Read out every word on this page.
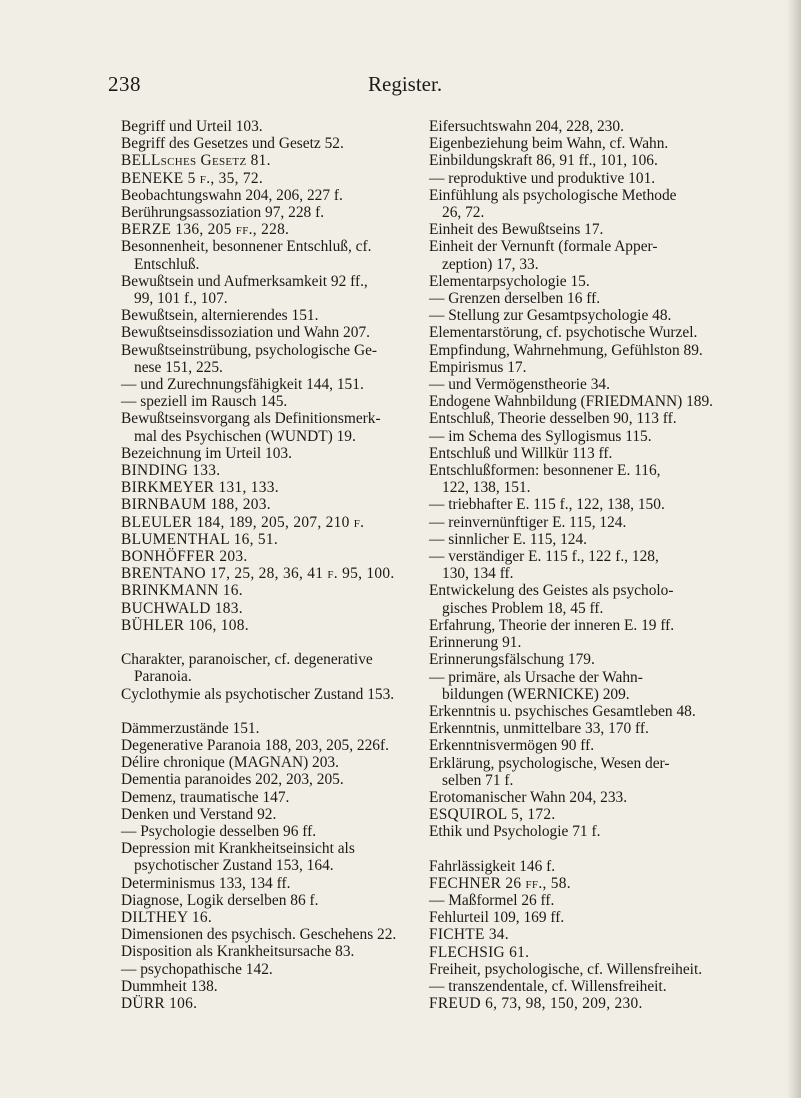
238	Register.
Begriff und Urteil 103.
Begriff des Gesetzes und Gesetz 52.
BELLsches Gesetz 81.
BENEKE 5 f., 35, 72.
Beobachtungswahn 204, 206, 227 f.
Berührungsassoziation 97, 228 f.
BERZE 136, 205 ff., 228.
Besonnenheit, besonnener Entschluß, cf.
Entschluß.
Bewußtsein und Aufmerksamkeit 92 ff.,
99, 101 f., 107.
Bewußtsein, alternierendes 151.
Bewußtseinsdissoziation und Wahn 207.
Bewußtseinstrübung, psychologische Ge-
nese 151, 225.
— und Zurechnungsfähigkeit 144, 151.
— speziell im Rausch 145.
Bewußtseinsvorgang als Definitionsmerk-
mal des Psychischen (WUNDT) 19.
Bezeichnung im Urteil 103.
BINDING 133.
BIRKMEYER 131, 133.
BIRNBAUM 188, 203.
BLEULER 184, 189, 205, 207, 210 f.
BLUMENTHAL 16, 51.
BONHÖFFER 203.
BRENTANO 17, 25, 28, 36, 41 f. 95, 100.
BRINKMANN 16.
BUCHWALD 183.
BÜHLER 106, 108.
Charakter, paranoischer, cf. degenerative
Paranoia.
Cyclothymie als psychotischer Zustand 153.
Dämmerzustände 151.
Degenerative Paranoia 188, 203, 205, 226f.
Délire chronique (MAGNAN) 203.
Dementia paranoides 202, 203, 205.
Demenz, traumatische 147.
Denken und Verstand 92.
— Psychologie desselben 96 ff.
Depression mit Krankheitseinsicht als
psychotischer Zustand 153, 164.
Determinismus 133, 134 ff.
Diagnose, Logik derselben 86 f.
DILTHEY 16.
Dimensionen des psychisch. Geschehens 22.
Disposition als Krankheitsursache 83.
— psychopathische 142.
Dummheit 138.
DÜRR 106.
Eifersuchtswahn 204, 228, 230.
Eigenbeziehung beim Wahn, cf. Wahn.
Einbildungskraft 86, 91 ff., 101, 106.
— reproduktive und produktive 101.
Einfühlung als psychologische Methode
26, 72.
Einheit des Bewußtseins 17.
Einheit der Vernunft (formale Apper-
zeption) 17, 33.
Elementarpsychologie 15.
— Grenzen derselben 16 ff.
— Stellung zur Gesamtpsychologie 48.
Elementarstörung, cf. psychotische Wurzel.
Empfindung, Wahrnehmung, Gefühlston 89.
Empirismus 17.
— und Vermögenstheorie 34.
Endogene Wahnbildung (FRIEDMANN) 189.
Entschluß, Theorie desselben 90, 113 ff.
— im Schema des Syllogismus 115.
Entschluß und Willkür 113 ff.
Entschlußformen: besonnener E. 116,
122, 138, 151.
— triebhafter E. 115 f., 122, 138, 150.
— reinvernünftiger E. 115, 124.
— sinnlicher E. 115, 124.
— verständiger E. 115 f., 122 f., 128,
130, 134 ff.
Entwickelung des Geistes als psycholo-
gisches Problem 18, 45 ff.
Erfahrung, Theorie der inneren E. 19 ff.
Erinnerung 91.
Erinnerungsfälschung 179.
— primäre, als Ursache der Wahn-
bildungen (WERNICKE) 209.
Erkenntnis u. psychisches Gesamtleben 48.
Erkenntnis, unmittelbare 33, 170 ff.
Erkenntnisvermögen 90 ff.
Erklärung, psychologische, Wesen der-
selben 71 f.
Erotomanischer Wahn 204, 233.
ESQUIROL 5, 172.
Ethik und Psychologie 71 f.
Fahrlässigkeit 146 f.
FECHNER 26 ff., 58.
— Maßformel 26 ff.
Fehlurteil 109, 169 ff.
FICHTE 34.
FLECHSIG 61.
Freiheit, psychologische, cf. Willensfreiheit.
— transzendentale, cf. Willensfreiheit.
FREUD 6, 73, 98, 150, 209, 230.
